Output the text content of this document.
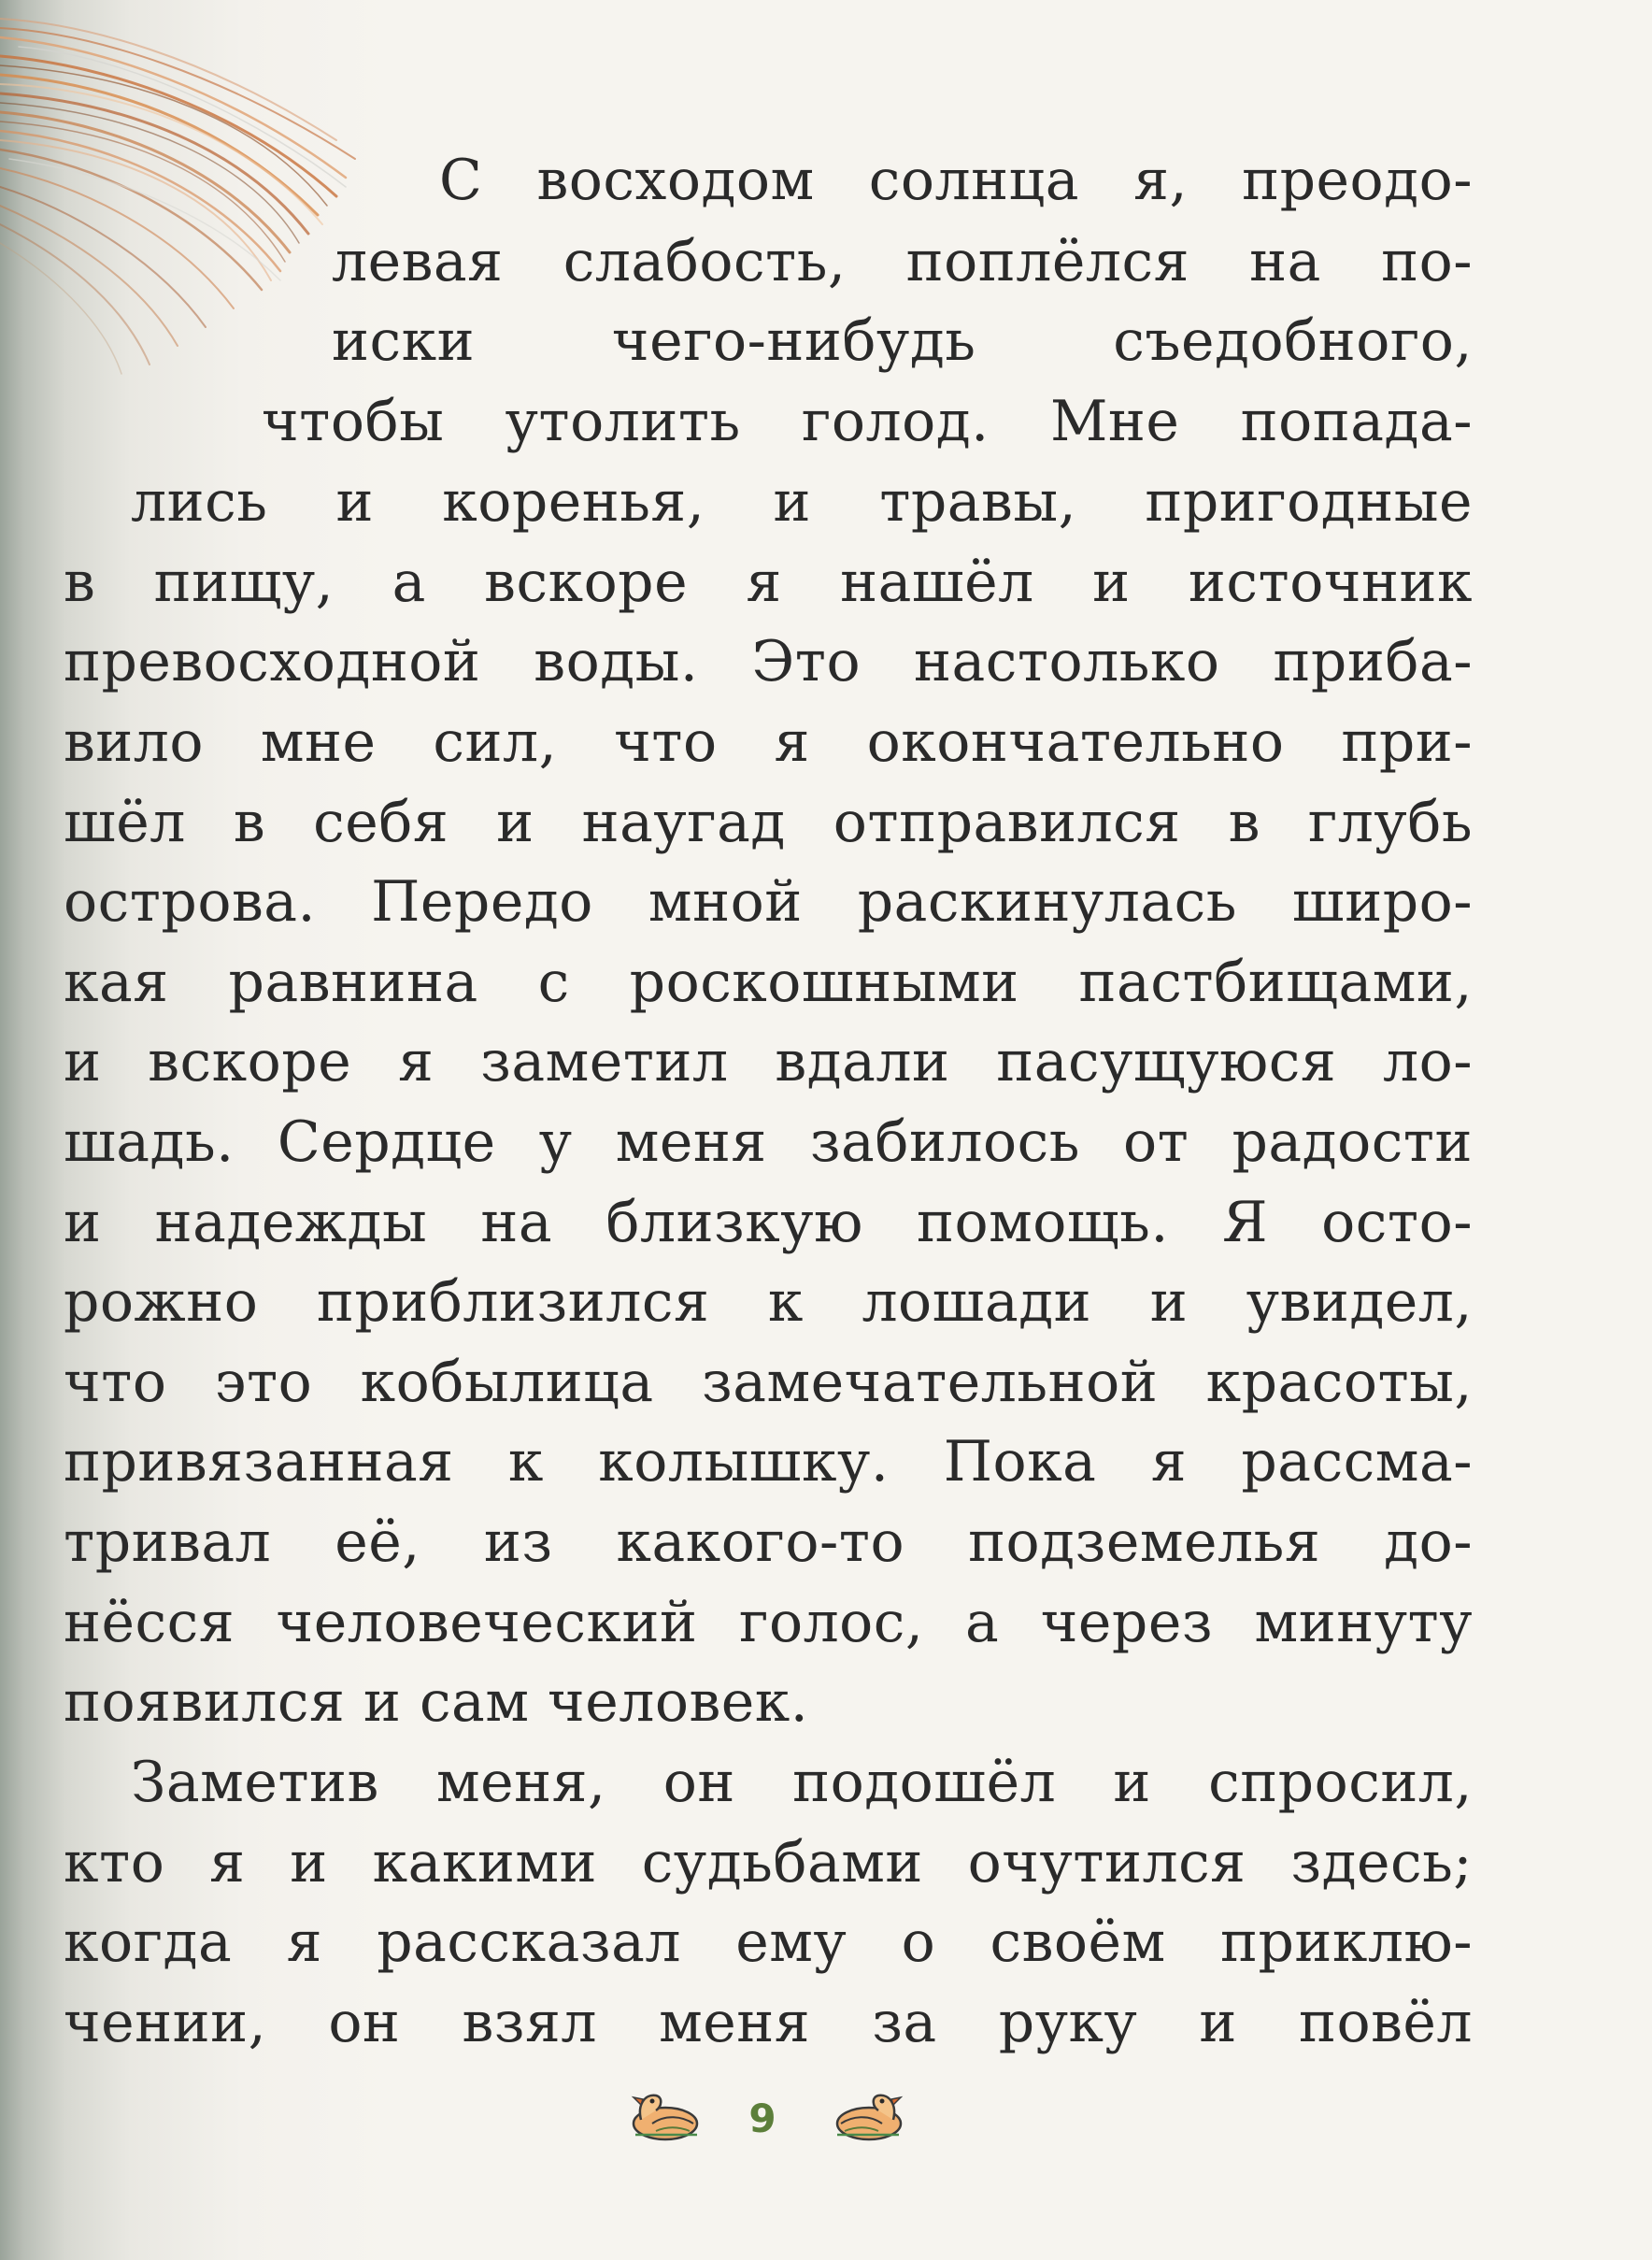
С восходом солнца я, преодо-
левая слабость, поплёлся на по-
иски чего-нибудь съедобного,
чтобы утолить голод. Мне попада-
лись и коренья, и травы, пригодные
в пищу, а вскоре я нашёл и источник
превосходной воды. Это настолько приба-
вило мне сил, что я окончательно при-
шёл в себя и наугад отправился в глубь
острова. Передо мной раскинулась широ-
кая равнина с роскошными пастбищами,
и вскоре я заметил вдали пасущуюся ло-
шадь. Сердце у меня забилось от радости
и надежды на близкую помощь. Я осто-
рожно приблизился к лошади и увидел,
что это кобылица замечательной красоты,
привязанная к колышку. Пока я рассма-
тривал её, из какого-то подземелья до-
нёсся человеческий голос, а через минуту
появился и сам человек.
Заметив меня, он подошёл и спросил,
кто я и какими судьбами очутился здесь;
когда я рассказал ему о своём приклю-
чении, он взял меня за руку и повёл
9
